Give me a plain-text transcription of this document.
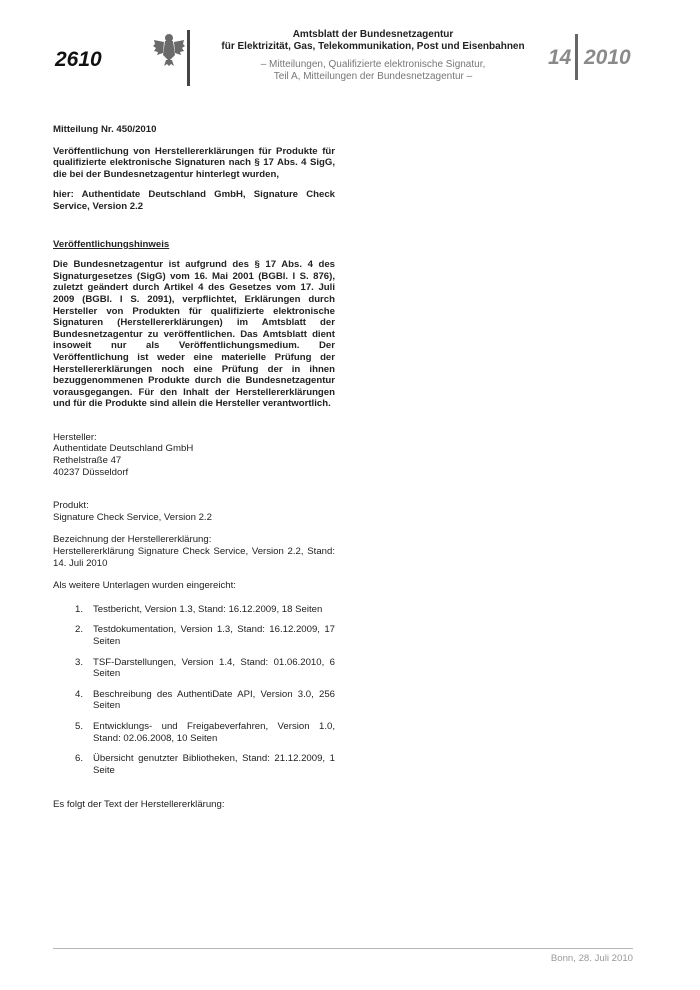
2610
Amtsblatt der Bundesnetzagentur
für Elektrizität, Gas, Telekommunikation, Post und Eisenbahnen
– Mitteilungen, Qualifizierte elektronische Signatur,
Teil A, Mitteilungen der Bundesnetzagentur –
14 2010

Mitteilung Nr. 450/2010

Veröffentlichung von Herstellererklärungen für Produkte für qualifizierte elektronische Signaturen nach § 17 Abs. 4 SigG, die bei der Bundesnetzagentur hinterlegt wurden,

hier: Authentidate Deutschland GmbH, Signature Check Service, Version 2.2

Veröffentlichungshinweis

Die Bundesnetzagentur ist aufgrund des § 17 Abs. 4 des Signaturgesetzes (SigG) vom 16. Mai 2001 (BGBl. I S. 876), zuletzt geändert durch Artikel 4 des Gesetzes vom 17. Juli 2009 (BGBl. I S. 2091), verpflichtet, Erklärungen durch Hersteller von Produkten für qualifizierte elektronische Signaturen (Herstellererklärungen) im Amtsblatt der Bundesnetzagentur zu veröffentlichen. Das Amtsblatt dient insoweit nur als Veröffentlichungsmedium. Der Veröffentlichung ist weder eine materielle Prüfung der Herstellererklärungen noch eine Prüfung der in ihnen bezuggenommenen Produkte durch die Bundesnetzagentur vorausgegangen. Für den Inhalt der Herstellererklärungen und für die Produkte sind allein die Hersteller verantwortlich.

Hersteller:
Authentidate Deutschland GmbH
Rethelstraße 47
40237 Düsseldorf
Produkt:
Signature Check Service, Version 2.2
Bezeichnung der Herstellererklärung:
Herstellererklärung Signature Check Service, Version 2.2, Stand: 14. Juli 2010

Als weitere Unterlagen wurden eingereicht:

1. Testbericht, Version 1.3, Stand: 16.12.2009, 18 Seiten
2. Testdokumentation, Version 1.3, Stand: 16.12.2009, 17 Seiten
3. TSF-Darstellungen, Version 1.4, Stand: 01.06.2010, 6 Seiten
4. Beschreibung des AuthentiDate API, Version 3.0, 256 Seiten
5. Entwicklungs- und Freigabeverfahren, Version 1.0, Stand: 02.06.2008, 10 Seiten
6. Übersicht genutzter Bibliotheken, Stand: 21.12.2009, 1 Seite

Es folgt der Text der Herstellererklärung:

Bonn, 28. Juli 2010
